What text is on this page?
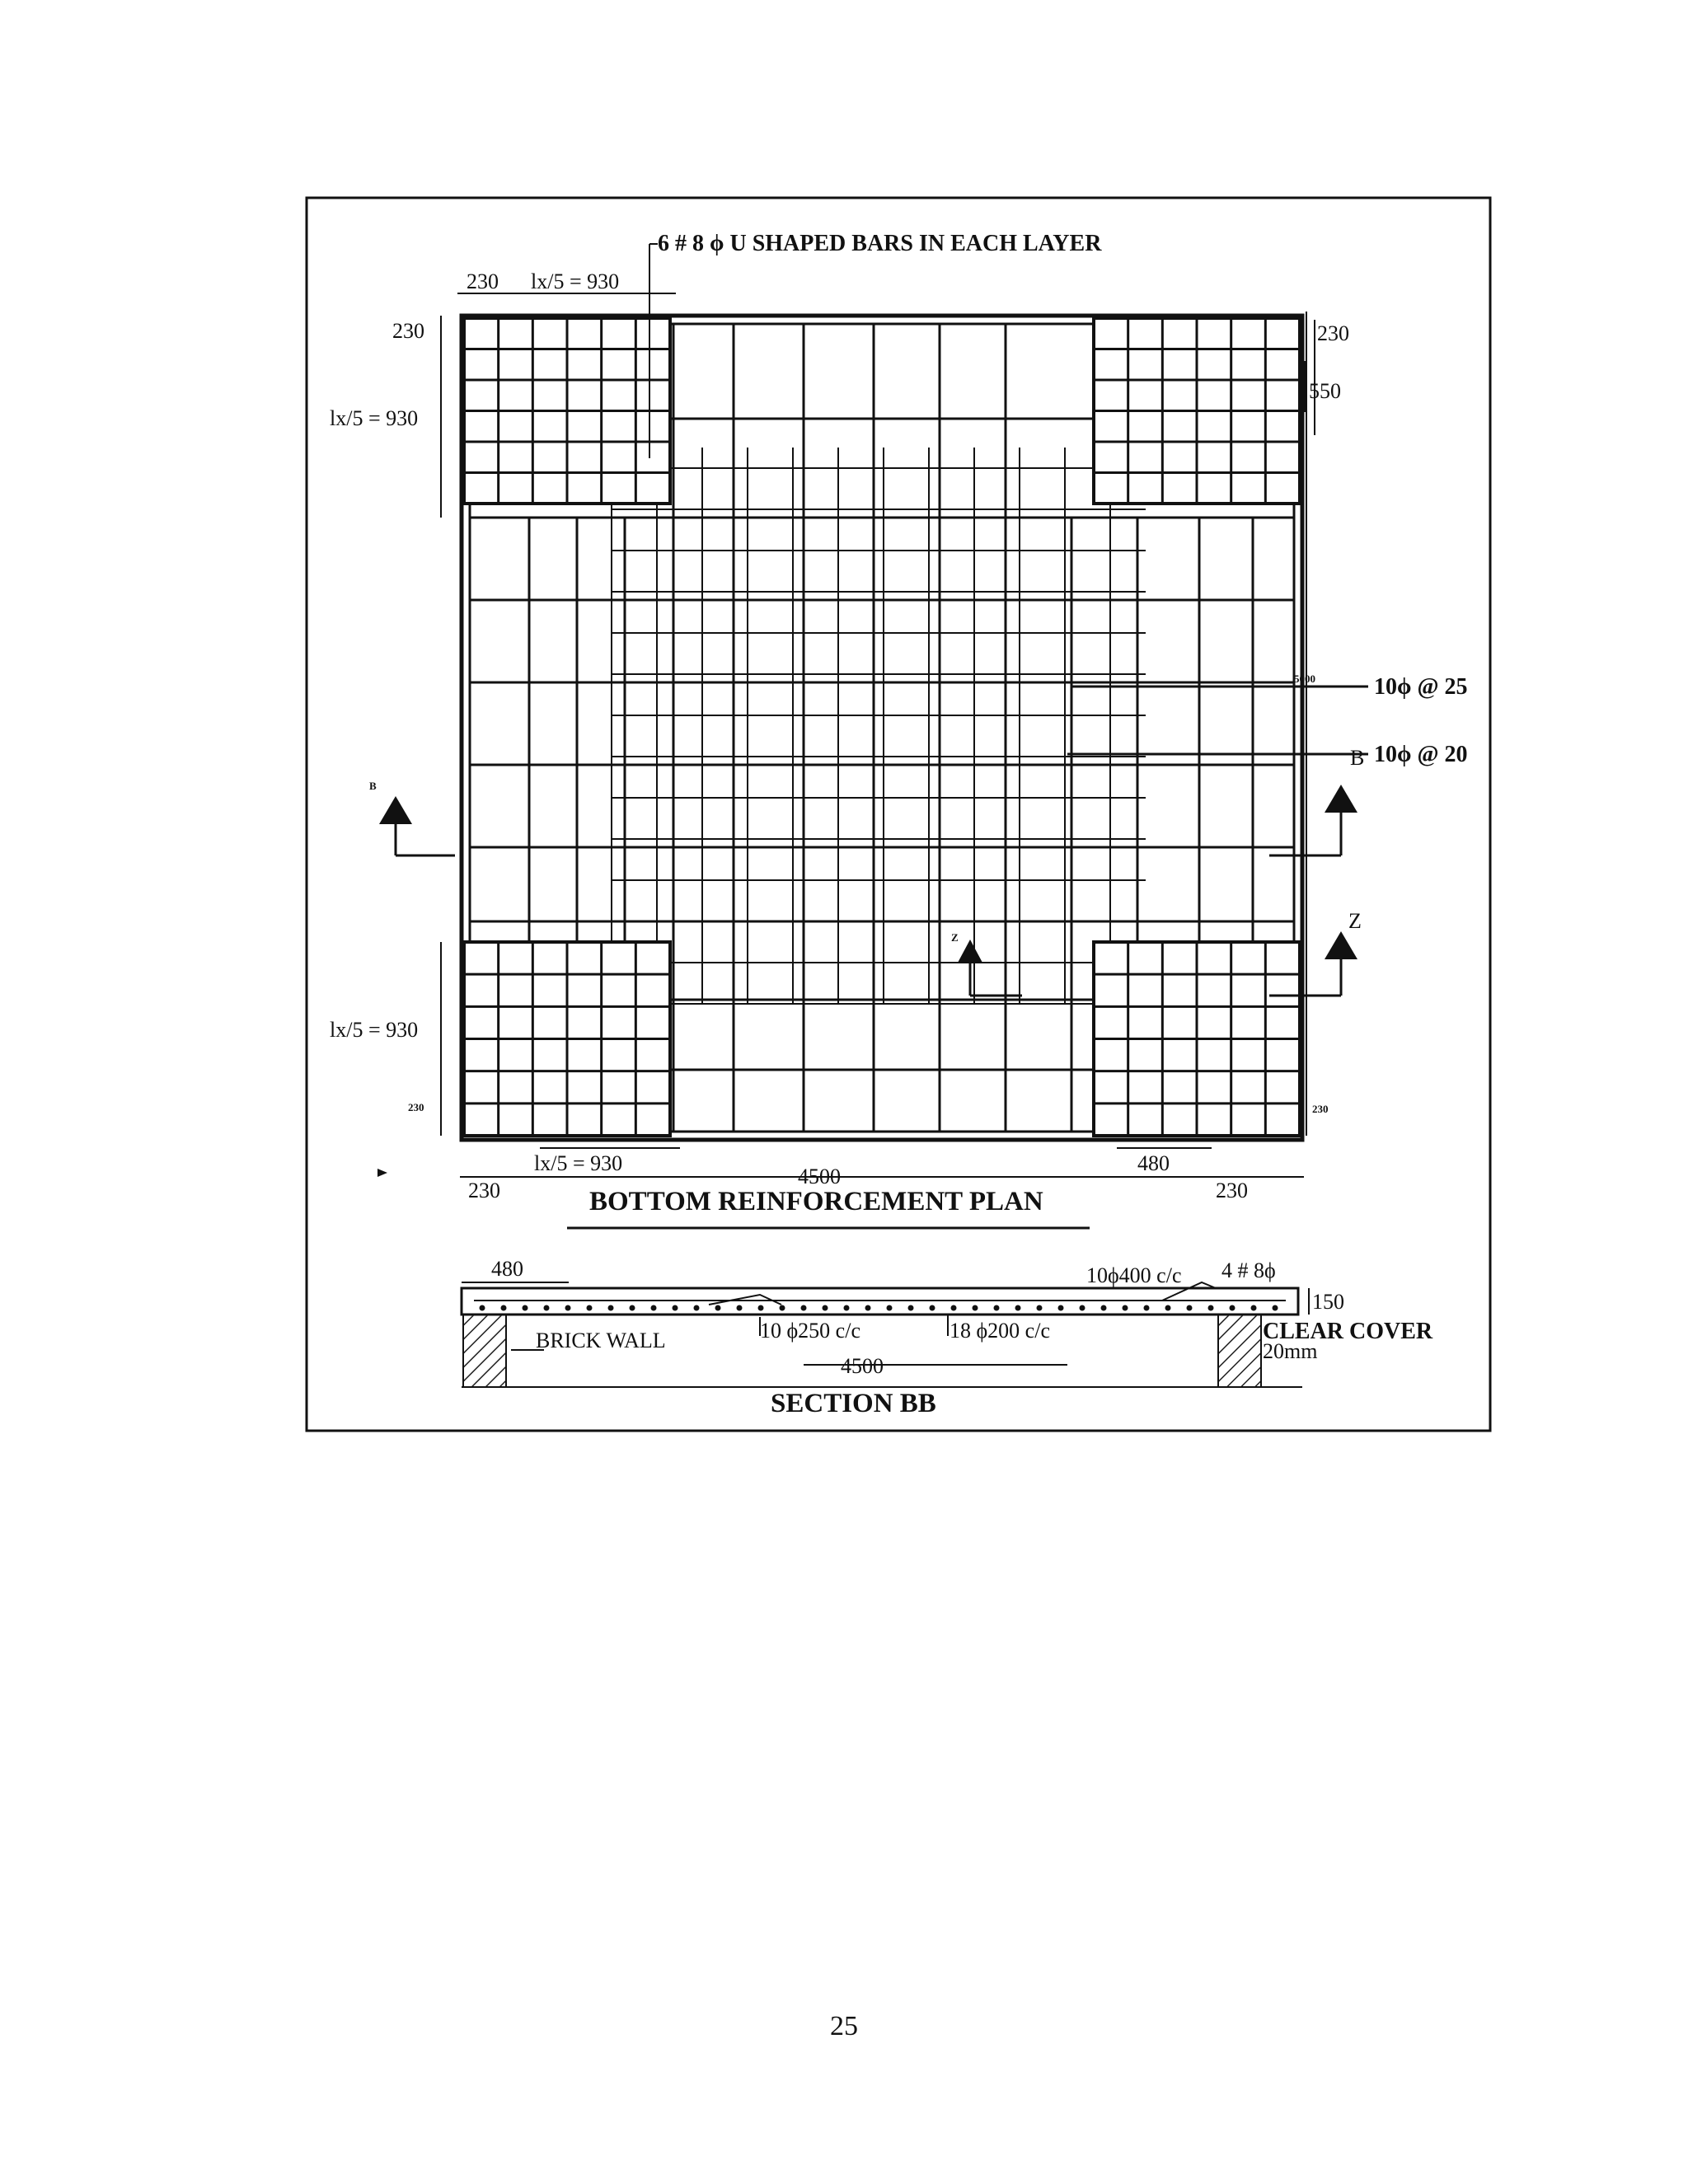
6 # 8 ϕ U SHAPED BARS IN EACH LAYER
230 lx/5 = 930
230
lx/5 = 930
lx/5 = 930
230
230
550
5000
230
10ϕ @ 25
10ϕ @ 20
B
B
Z
Z
lx/5 = 930	480
4500
230	230
BOTTOM REINFORCEMENT PLAN
480
BRICK WALL	10 ϕ250 c/c	18 ϕ200 c/c
4500
10ϕ400 c/c 4 # 8ϕ
150
CLEAR COVER
20mm
SECTION BB
25
